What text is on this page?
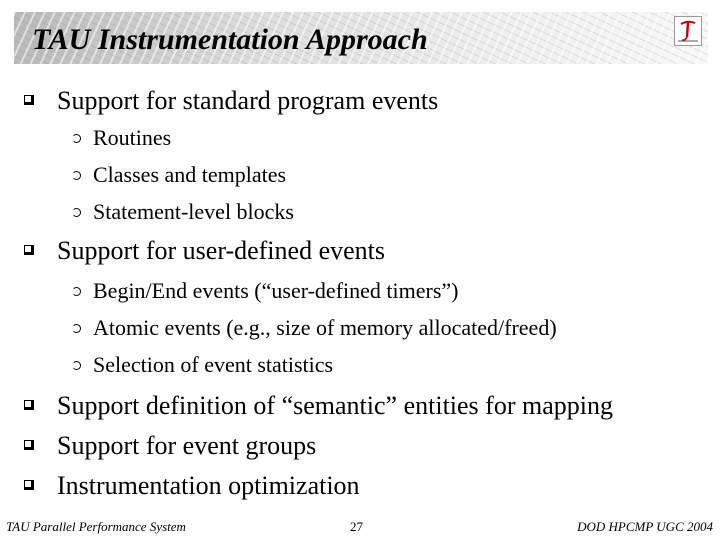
TAU Instrumentation Approach
Support for standard program events
Routines
Classes and templates
Statement-level blocks
Support for user-defined events
Begin/End events (“user-defined timers”)
Atomic events (e.g., size of memory allocated/freed)
Selection of event statistics
Support definition of “semantic” entities for mapping
Support for event groups
Instrumentation optimization
TAU Parallel Performance System	27	DOD HPCMP UGC 2004
